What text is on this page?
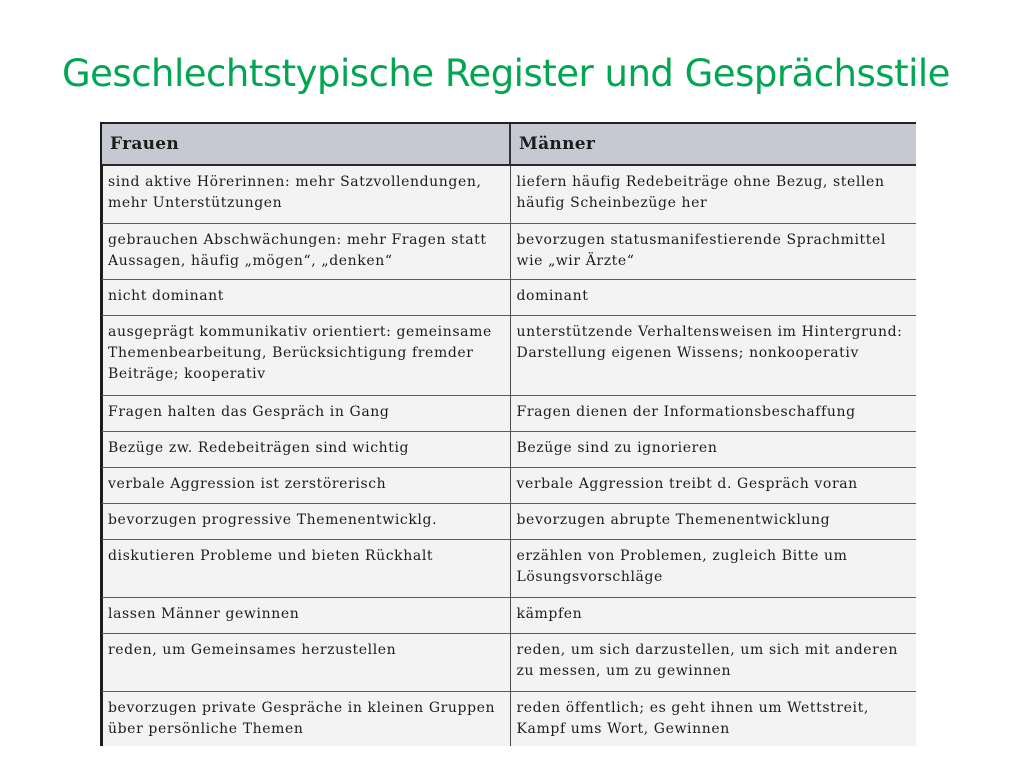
Geschlechtstypische Register und Gesprächsstile
Frauen	Männer
sind aktive Hörerinnen: mehr Satzvollendungen, mehr Unterstützungen	liefern häufig Redebeiträge ohne Bezug, stellen häufig Scheinbezüge her
gebrauchen Abschwächungen: mehr Fragen statt Aussagen, häufig „mögen“, „denken“	bevorzugen statusmanifestierende Sprachmittel wie „wir Ärzte“
nicht dominant	dominant
ausgeprägt kommunikativ orientiert: gemeinsame Themenbearbeitung, Berücksichtigung fremder Beiträge; kooperativ	unterstützende Verhaltensweisen im Hintergrund: Darstellung eigenen Wissens; nonkooperativ
Fragen halten das Gespräch in Gang	Fragen dienen der Informationsbeschaffung
Bezüge zw. Redebeiträgen sind wichtig	Bezüge sind zu ignorieren
verbale Aggression ist zerstörerisch	verbale Aggression treibt d. Gespräch voran
bevorzugen progressive Themenentwicklg.	bevorzugen abrupte Themenentwicklung
diskutieren Probleme und bieten Rückhalt	erzählen von Problemen, zugleich Bitte um Lösungsvorschläge
lassen Männer gewinnen	kämpfen
reden, um Gemeinsames herzustellen	reden, um sich darzustellen, um sich mit anderen zu messen, um zu gewinnen
bevorzugen private Gespräche in kleinen Gruppen über persönliche Themen	reden öffentlich; es geht ihnen um Wettstreit, Kampf ums Wort, Gewinnen
